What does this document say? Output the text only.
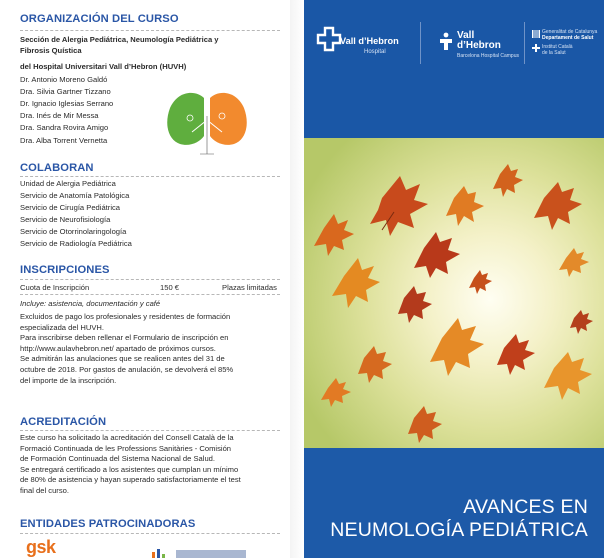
ORGANIZACIÓN DEL CURSO
Sección de Alergia Pediátrica, Neumología Pediátrica y
Fibrosis Quística
del Hospital Universitari Vall d’Hebron (HUVH)
Dr. Antonio Moreno Galdó
Dra. Silvia Gartner Tizzano
Dr. Ignacio Iglesias Serrano
Dra. Inés de Mir Messa
Dra. Sandra Rovira Amigo
Dra. Alba Torrent Vernetta
COLABORAN
Unidad de Alergia Pediátrica
Servicio de Anatomía Patológica
Servicio de Cirugía Pediátrica
Servicio de Neurofisiología
Servicio de Otorrinolaringología
Servicio de Radiología Pediátrica
INSCRIPCIONES
Cuota de Inscripción	150 €	Plazas limitadas
Incluye: asistencia, documentación y café
Excluidos de pago los profesionales y residentes de formación
especializada del HUVH.
Para inscribirse deben rellenar el Formulario de inscripción en
http://www.aulavhebron.net/ apartado de próximos cursos.
Se admitirán las anulaciones que se realicen antes del 31 de
octubre de 2018. Por gastos de anulación, se devolverá el 85%
del importe de la inscripción.
ACREDITACIÓN
Este curso ha solicitado la acreditación del Consell Català de la
Formació Continuada de les Professions Sanitàries - Comisión
de Formación Continuada del Sistema Nacional de Salud.
Se entregará certificado a los asistentes que cumplan un mínimo
de 80% de asistencia y hayan superado satisfactoriamente el test
final del curso.
ENTIDADES PATROCINADORAS
gsk
Vall d’Hebron
Hospital
Vall
d’Hebron
Barcelona Hospital Campus
Generalitat de Catalunya
Departament de Salut
Institut Català
de la Salut
AVANCES EN
NEUMOLOGÍA PEDIÁTRICA
